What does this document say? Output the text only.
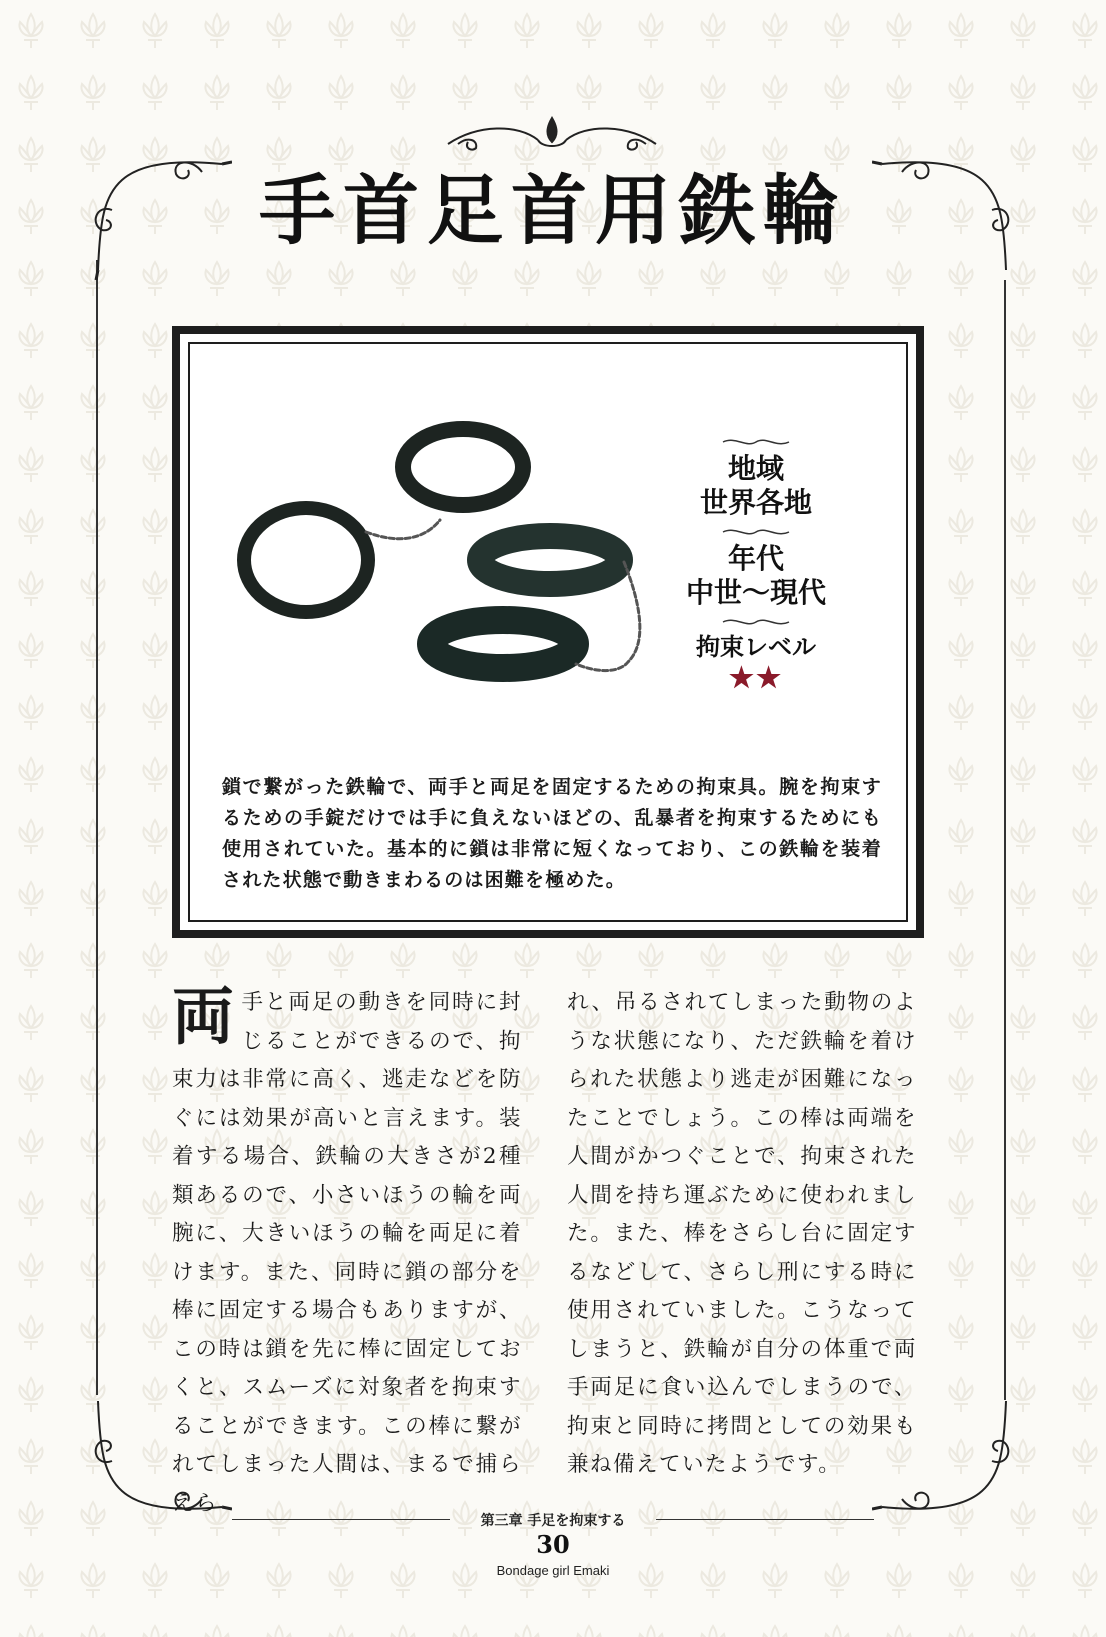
手首足首用鉄輪
地域
世界各地
年代
中世〜現代
拘束レベル
★★
鎖で繋がった鉄輪で、両手と両足を固定するための拘束具。腕を拘束するための手錠だけでは手に負えないほどの、乱暴者を拘束するためにも使用されていた。基本的に鎖は非常に短くなっており、この鉄輪を装着された状態で動きまわるのは困難を極めた。
両手と両足の動きを同時に封じることができるので、拘束力は非常に高く、逃走などを防ぐには効果が高いと言えます。装着する場合、鉄輪の大きさが2種類あるので、小さいほうの輪を両腕に、大きいほうの輪を両足に着けます。また、同時に鎖の部分を棒に固定する場合もありますが、この時は鎖を先に棒に固定しておくと、スムーズに対象者を拘束することができます。この棒に繋がれてしまった人間は、まるで捕らえら
れ、吊るされてしまった動物のような状態になり、ただ鉄輪を着けられた状態より逃走が困難になったことでしょう。この棒は両端を人間がかつぐことで、拘束された人間を持ち運ぶために使われました。また、棒をさらし台に固定するなどして、さらし刑にする時に使用されていました。こうなってしまうと、鉄輪が自分の体重で両手両足に食い込んでしまうので、拘束と同時に拷問としての効果も兼ね備えていたようです。
第三章 手足を拘束する
30
Bondage girl Emaki
